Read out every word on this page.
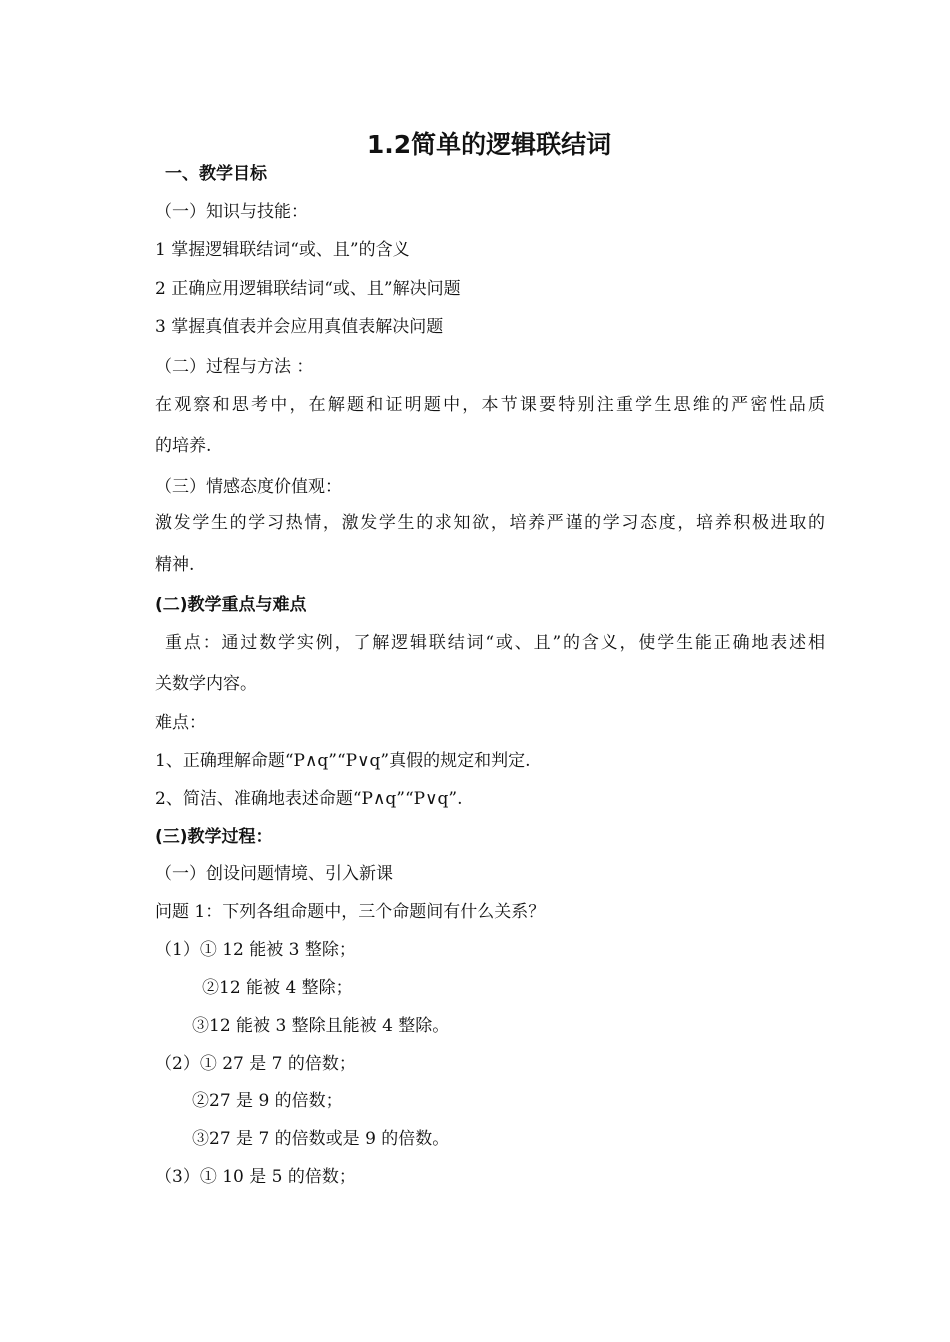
1.2简单的逻辑联结词
一、教学目标
（一）知识与技能：
1 掌握逻辑联结词“或、且”的含义
2 正确应用逻辑联结词“或、且”解决问题
3 掌握真值表并会应用真值表解决问题
（二）过程与方法 ：
在观察和思考中，在解题和证明题中，本节课要特别注重学生思维的严密性品质
的培养.
（三）情感态度价值观：
激发学生的学习热情，激发学生的求知欲，培养严谨的学习态度，培养积极进取的
精神.
(二)教学重点与难点
重点：通过数学实例，了解逻辑联结词“或、且”的含义，使学生能正确地表述相
关数学内容。
难点：
1、正确理解命题“P∧q”“P∨q”真假的规定和判定.
2、简洁、准确地表述命题“P∧q”“P∨q”.
(三)教学过程：
（一）创设问题情境、引入新课
问题 1：下列各组命题中，三个命题间有什么关系？
（1）① 12 能被 3 整除；
②12 能被 4 整除；
③12 能被 3 整除且能被 4 整除。
（2）① 27 是 7 的倍数；
②27 是 9 的倍数；
③27 是 7 的倍数或是 9 的倍数。
（3）① 10 是 5 的倍数；
